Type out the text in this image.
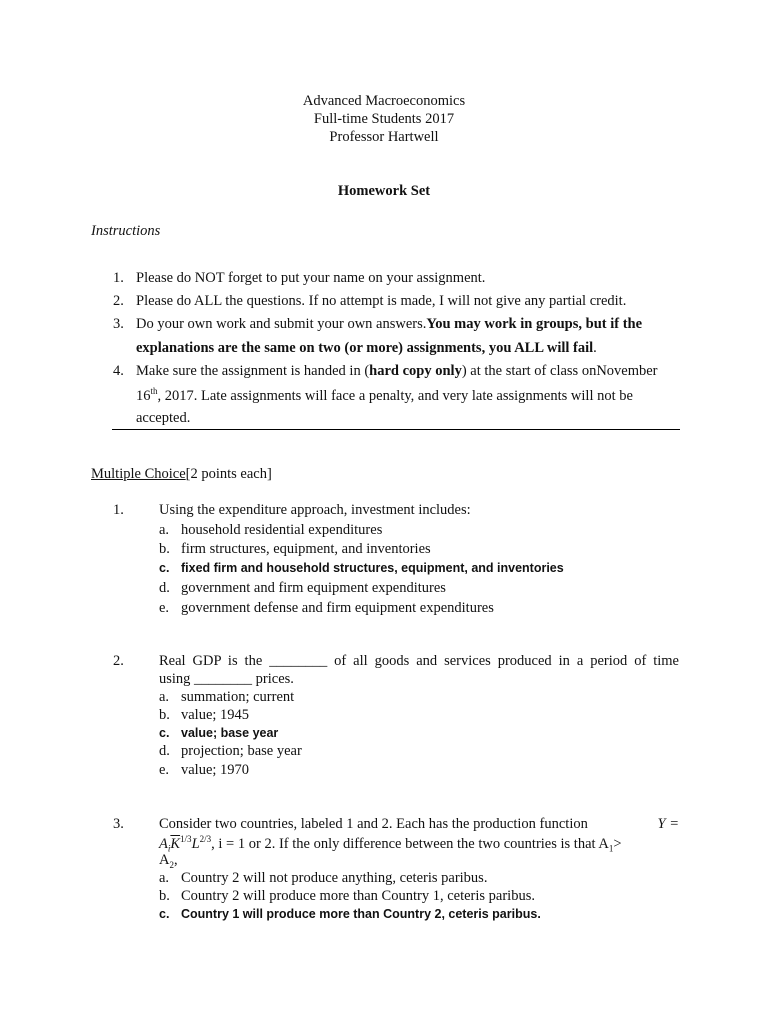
Advanced Macroeconomics
Full-time Students 2017
Professor Hartwell
Homework Set
Instructions
1. Please do NOT forget to put your name on your assignment.
2. Please do ALL the questions. If no attempt is made, I will not give any partial credit.
3. Do your own work and submit your own answers.You may work in groups, but if the
explanations are the same on two (or more) assignments, you ALL will fail.
4. Make sure the assignment is handed in (hard copy only) at the start of class onNovember
16th, 2017. Late assignments will face a penalty, and very late assignments will not be
accepted.
Multiple Choice[2 points each]
1. Using the expenditure approach, investment includes:
a. household residential expenditures
b. firm structures, equipment, and inventories
c. fixed firm and household structures, equipment, and inventories
d. government and firm equipment expenditures
e. government defense and firm equipment expenditures
2. Real GDP is the ________ of all goods and services produced in a period of time
using ________ prices.
a. summation; current
b. value; 1945
c. value; base year
d. projection; base year
e. value; 1970
3. Consider two countries, labeled 1 and 2. Each has the production function	Y =
$A_i\overline{K}^{1/3}L^{2/3}$, i = 1 or 2. If the only difference between the two countries is that $A_1>$
$A_2$,
a. Country 2 will not produce anything, ceteris paribus.
b. Country 2 will produce more than Country 1, ceteris paribus.
c. Country 1 will produce more than Country 2, ceteris paribus.
